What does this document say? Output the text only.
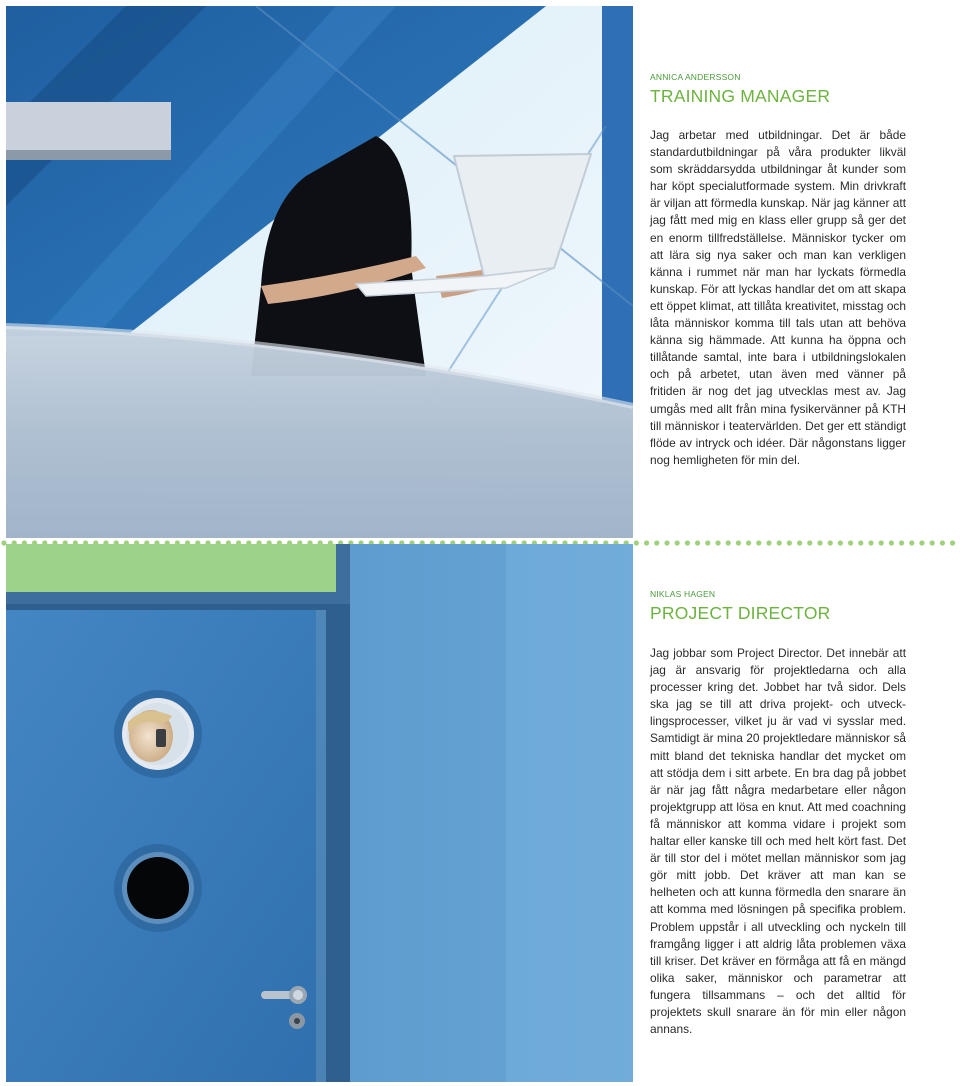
ANNICA ANDERSSON

TRAINING MANAGER

Jag arbetar med utbildningar. Det är både standardutbildningar på våra produkter likväl som skräddarsydda utbildningar åt kunder som har köpt specialutformade system. Min drivkraft är viljan att förmedla kunskap. När jag känner att jag fått med mig en klass eller grupp så ger det en enorm tillfredställelse. Människor tycker om att lära sig nya saker och man kan verkligen känna i rummet när man har lyckats förmedla kunskap. För att lyckas handlar det om att skapa ett öppet klimat, att tillåta kreativitet, misstag och låta människor komma till tals utan att behöva känna sig hämmade. Att kunna ha öppna och tillåtande samtal, inte bara i utbildningslokalen och på arbetet, utan även med vänner på fritiden är nog det jag utvecklas mest av. Jag umgås med allt från mina fysikervänner på KTH till människor i teatervärlden. Det ger ett ständigt flöde av intryck och idéer. Där någonstans ligger nog hemligheten för min del.

NIKLAS HAGEN

PROJECT DIRECTOR

Jag jobbar som Project Director. Det innebär att jag är ansvarig för projektledarna och alla processer kring det. Jobbet har två sidor. Dels ska jag se till att driva projekt- och utvecklingsprocesser, vilket ju är vad vi sysslar med. Samtidigt är mina 20 projektledare människor så mitt bland det tekniska handlar det mycket om att stödja dem i sitt arbete. En bra dag på jobbet är när jag fått några medarbetare eller någon projektgrupp att lösa en knut. Att med coachning få människor att komma vidare i projekt som haltar eller kanske till och med helt kört fast. Det är till stor del i mötet mellan människor som jag gör mitt jobb. Det kräver att man kan se helheten och att kunna förmedla den snarare än att komma med lösningen på specifika problem. Problem uppstår i all utveckling och nyckeln till framgång ligger i att aldrig låta problemen växa till kriser. Det kräver en förmåga att få en mängd olika saker, människor och parametrar att fungera tillsammans – och det alltid för projektets skull snarare än för min eller någon annans.
